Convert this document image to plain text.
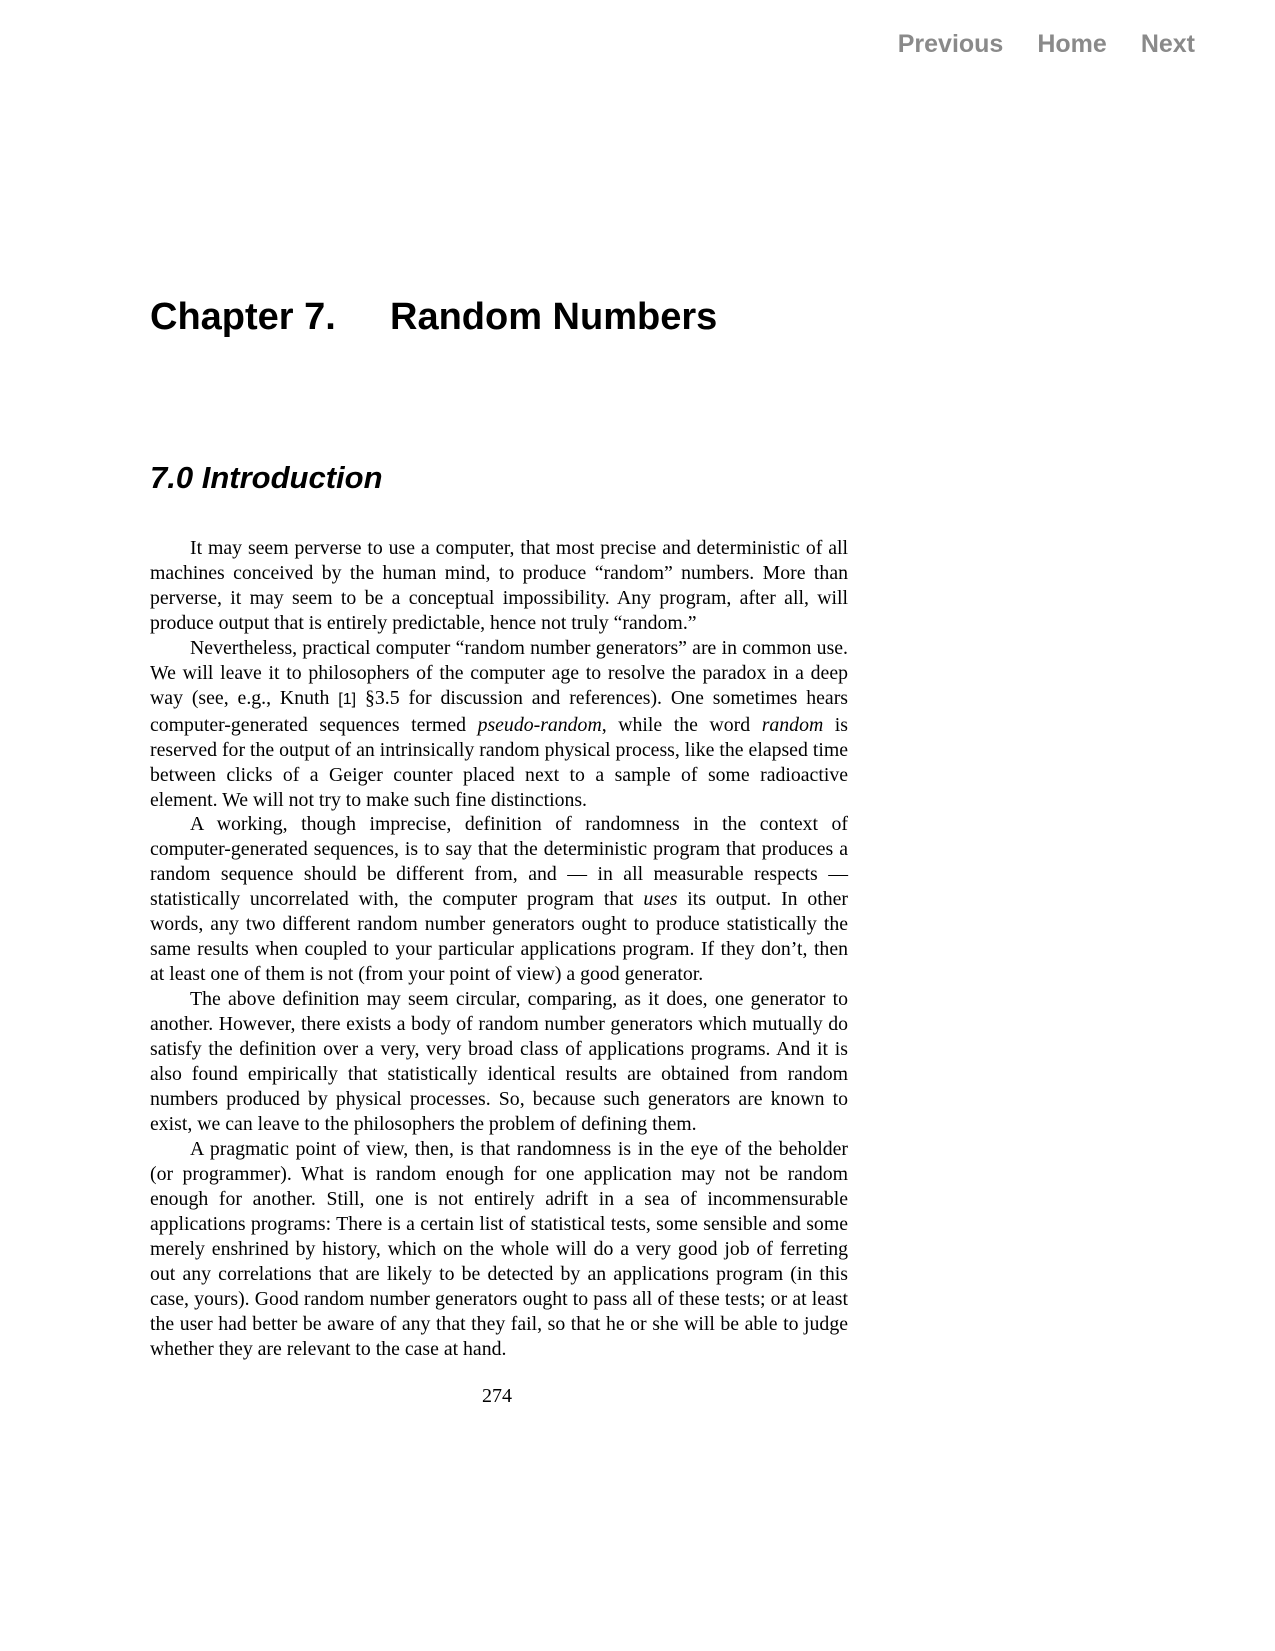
Previous Home Next
Chapter 7. Random Numbers
7.0 Introduction

It may seem perverse to use a computer, that most precise and deterministic of all machines conceived by the human mind, to produce “random” numbers. More than perverse, it may seem to be a conceptual impossibility. Any program, after all, will produce output that is entirely predictable, hence not truly “random.”

Nevertheless, practical computer “random number generators” are in common use. We will leave it to philosophers of the computer age to resolve the paradox in a deep way (see, e.g., Knuth [1] §3.5 for discussion and references). One sometimes hears computer-generated sequences termed pseudo-random, while the word random is reserved for the output of an intrinsically random physical process, like the elapsed time between clicks of a Geiger counter placed next to a sample of some radioactive element. We will not try to make such fine distinctions.

A working, though imprecise, definition of randomness in the context of computer-generated sequences, is to say that the deterministic program that produces a random sequence should be different from, and — in all measurable respects — statistically uncorrelated with, the computer program that uses its output. In other words, any two different random number generators ought to produce statistically the same results when coupled to your particular applications program. If they don’t, then at least one of them is not (from your point of view) a good generator.

The above definition may seem circular, comparing, as it does, one generator to another. However, there exists a body of random number generators which mutually do satisfy the definition over a very, very broad class of applications programs. And it is also found empirically that statistically identical results are obtained from random numbers produced by physical processes. So, because such generators are known to exist, we can leave to the philosophers the problem of defining them.

A pragmatic point of view, then, is that randomness is in the eye of the beholder (or programmer). What is random enough for one application may not be random enough for another. Still, one is not entirely adrift in a sea of incommensurable applications programs: There is a certain list of statistical tests, some sensible and some merely enshrined by history, which on the whole will do a very good job of ferreting out any correlations that are likely to be detected by an applications program (in this case, yours). Good random number generators ought to pass all of these tests; or at least the user had better be aware of any that they fail, so that he or she will be able to judge whether they are relevant to the case at hand.

274
